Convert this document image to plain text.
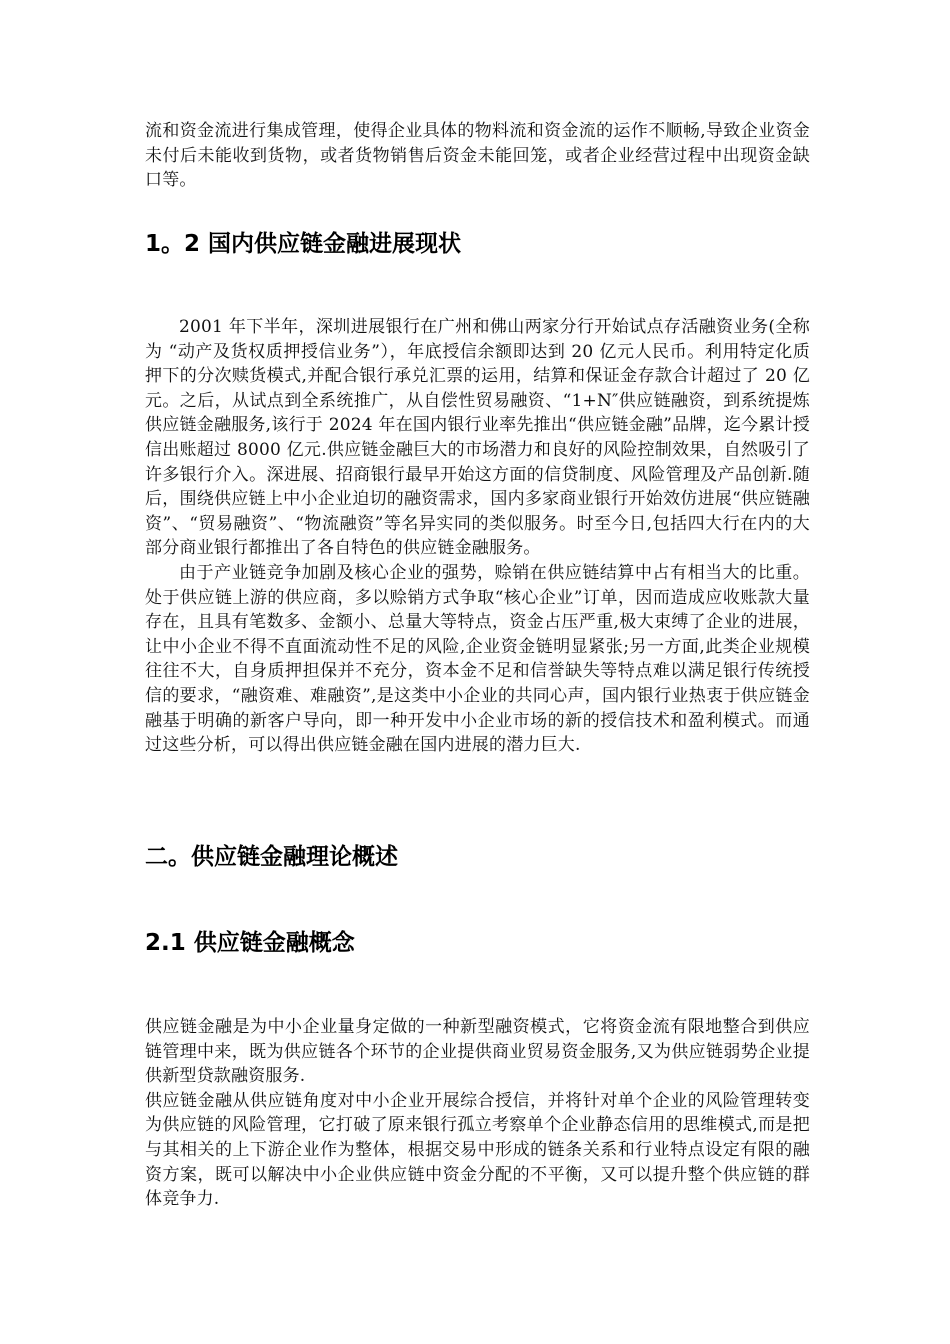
流和资金流进行集成管理，使得企业具体的物料流和资金流的运作不顺畅,导致企业资金未付后未能收到货物，或者货物销售后资金未能回笼，或者企业经营过程中出现资金缺口等。

1。2 国内供应链金融进展现状

2001 年下半年，深圳进展银行在广州和佛山两家分行开始试点存活融资业务(全称为 “动产及货权质押授信业务”），年底授信余额即达到 20 亿元人民币。利用特定化质押下的分次赎货模式,并配合银行承兑汇票的运用，结算和保证金存款合计超过了 20 亿元。之后，从试点到全系统推广，从自偿性贸易融资、“1+N″供应链融资，到系统提炼供应链金融服务,该行于 2024 年在国内银行业率先推出“供应链金融”品牌，迄今累计授信出账超过 8000 亿元.供应链金融巨大的市场潜力和良好的风险控制效果，自然吸引了许多银行介入。深进展、招商银行最早开始这方面的信贷制度、风险管理及产品创新.随后，围绕供应链上中小企业迫切的融资需求，国内多家商业银行开始效仿进展“供应链融资”、“贸易融资”、“物流融资”等名异实同的类似服务。时至今日,包括四大行在内的大部分商业银行都推出了各自特色的供应链金融服务。

由于产业链竞争加剧及核心企业的强势，赊销在供应链结算中占有相当大的比重。处于供应链上游的供应商，多以赊销方式争取“核心企业”订单，因而造成应收账款大量存在，且具有笔数多、金额小、总量大等特点，资金占压严重,极大束缚了企业的进展，让中小企业不得不直面流动性不足的风险,企业资金链明显紧张;另一方面,此类企业规模往往不大，自身质押担保并不充分，资本金不足和信誉缺失等特点难以满足银行传统授信的要求，“融资难、难融资”,是这类中小企业的共同心声，国内银行业热衷于供应链金融基于明确的新客户导向，即一种开发中小企业市场的新的授信技术和盈利模式。而通过这些分析，可以得出供应链金融在国内进展的潜力巨大.

二。供应链金融理论概述
2.1 供应链金融概念

供应链金融是为中小企业量身定做的一种新型融资模式，它将资金流有限地整合到供应链管理中来，既为供应链各个环节的企业提供商业贸易资金服务,又为供应链弱势企业提供新型贷款融资服务.

供应链金融从供应链角度对中小企业开展综合授信，并将针对单个企业的风险管理转变为供应链的风险管理，它打破了原来银行孤立考察单个企业静态信用的思维模式,而是把与其相关的上下游企业作为整体，根据交易中形成的链条关系和行业特点设定有限的融资方案，既可以解决中小企业供应链中资金分配的不平衡，又可以提升整个供应链的群体竞争力.
